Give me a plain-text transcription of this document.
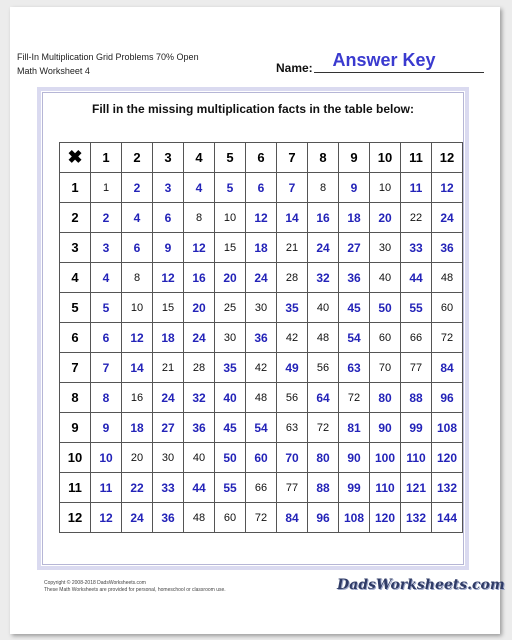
Fill-In Multiplication Grid Problems 70% Open
Math Worksheet 4	Name:	Answer Key
Fill in the missing multiplication facts in the table below:
✖	1	2	3	4	5	6	7	8	9	10	11	12
1	1	2	3	4	5	6	7	8	9	10	11	12
2	2	4	6	8	10	12	14	16	18	20	22	24
3	3	6	9	12	15	18	21	24	27	30	33	36
4	4	8	12	16	20	24	28	32	36	40	44	48
5	5	10	15	20	25	30	35	40	45	50	55	60
6	6	12	18	24	30	36	42	48	54	60	66	72
7	7	14	21	28	35	42	49	56	63	70	77	84
8	8	16	24	32	40	48	56	64	72	80	88	96
9	9	18	27	36	45	54	63	72	81	90	99	108
10	10	20	30	40	50	60	70	80	90	100	110	120
11	11	22	33	44	55	66	77	88	99	110	121	132
12	12	24	36	48	60	72	84	96	108	120	132	144
Copyright © 2008-2018 DadsWorksheets.com
These Math Worksheets are provided for personal, homeschool or classroom use.	DadsWorksheets.com
